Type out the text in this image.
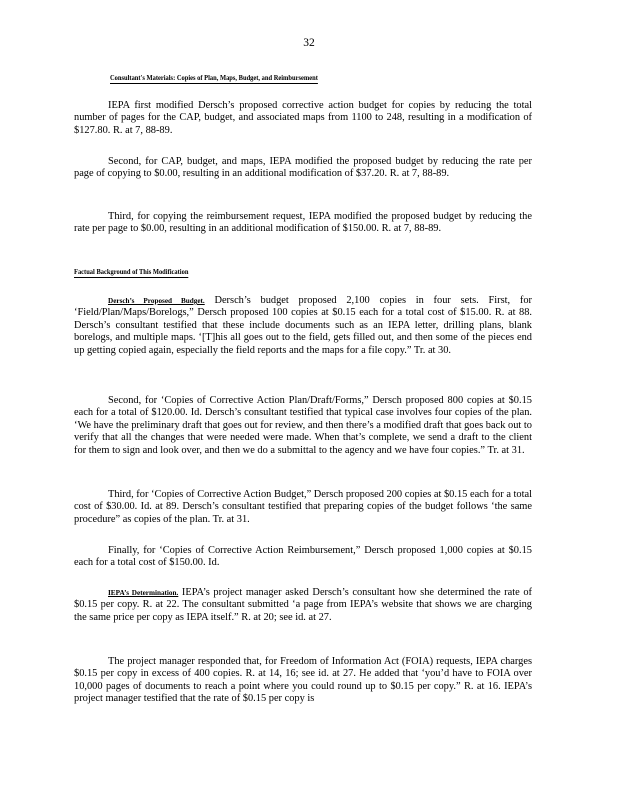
32
Consultant's Materials: Copies of Plan, Maps, Budget, and Reimbursement

IEPA first modified Dersch’s proposed corrective action budget for copies by reducing the total number of pages for the CAP, budget, and associated maps from 1100 to 248, resulting in a modification of $127.80. R. at 7, 88-89.

Second, for CAP, budget, and maps, IEPA modified the proposed budget by reducing the rate per page of copying to $0.00, resulting in an additional modification of $37.20. R. at 7, 88-89.

Third, for copying the reimbursement request, IEPA modified the proposed budget by reducing the rate per page to $0.00, resulting in an additional modification of $150.00. R. at 7, 88-89.

Factual Background of This Modification

Dersch’s Proposed Budget. Dersch’s budget proposed 2,100 copies in four sets. First, for ‘Field/Plan/Maps/Borelogs,” Dersch proposed 100 copies at $0.15 each for a total cost of $15.00. R. at 88. Dersch’s consultant testified that these include documents such as an IEPA letter, drilling plans, blank borelogs, and multiple maps. ‘[T]his all goes out to the field, gets filled out, and then some of the pieces end up getting copied again, especially the field reports and the maps for a file copy.” Tr. at 30.

Second, for ‘Copies of Corrective Action Plan/Draft/Forms,” Dersch proposed 800 copies at $0.15 each for a total of $120.00. Id. Dersch’s consultant testified that typical case involves four copies of the plan. ‘We have the preliminary draft that goes out for review, and then there’s a modified draft that goes back out to verify that all the changes that were needed were made. When that’s complete, we send a draft to the client for them to sign and look over, and then we do a submittal to the agency and we have four copies.” Tr. at 31.

Third, for ‘Copies of Corrective Action Budget,” Dersch proposed 200 copies at $0.15 each for a total cost of $30.00. Id. at 89. Dersch’s consultant testified that preparing copies of the budget follows ‘the same procedure” as copies of the plan. Tr. at 31.

Finally, for ‘Copies of Corrective Action Reimbursement,” Dersch proposed 1,000 copies at $0.15 each for a total cost of $150.00. Id.

IEPA’s Determination. IEPA’s project manager asked Dersch’s consultant how she determined the rate of $0.15 per copy. R. at 22. The consultant submitted ‘a page from IEPA’s website that shows we are charging the same price per copy as IEPA itself.” R. at 20; see id. at 27.

The project manager responded that, for Freedom of Information Act (FOIA) requests, IEPA charges $0.15 per copy in excess of 400 copies. R. at 14, 16; see id. at 27. He added that ‘you’d have to FOIA over 10,000 pages of documents to reach a point where you could round up to $0.15 per copy.” R. at 16. IEPA’s project manager testified that the rate of $0.15 per copy is
